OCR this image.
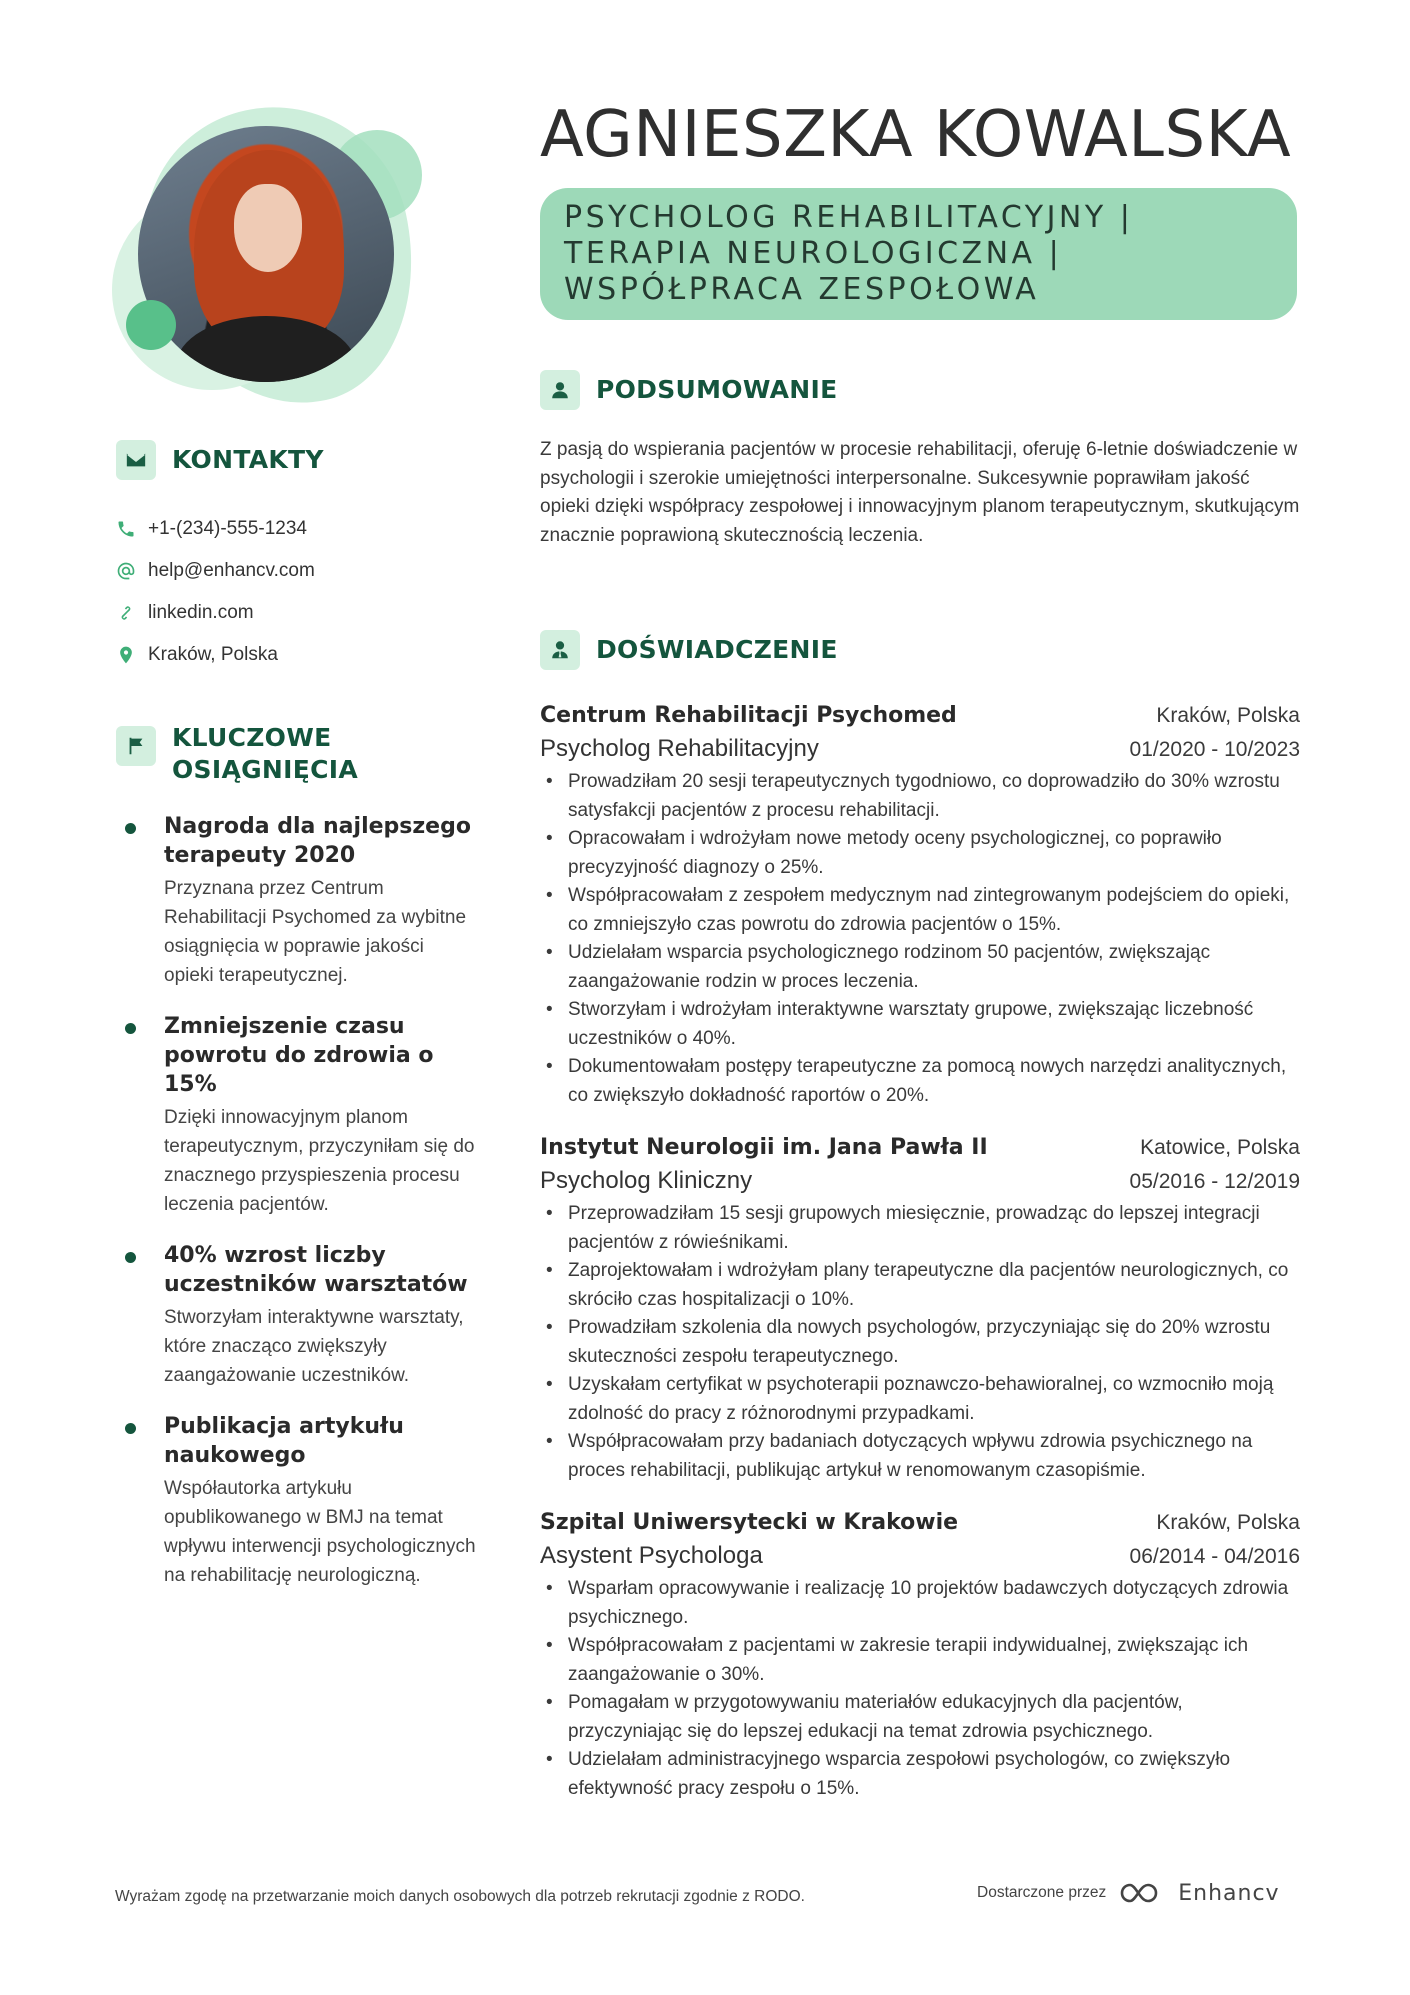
KONTAKTY
+1-(234)-555-1234
help@enhancv.com
linkedin.com
Kraków, Polska
KLUCZOWE
OSIĄGNIĘCIA
Nagroda dla najlepszego terapeuty 2020
Przyznana przez Centrum Rehabilitacji Psychomed za wybitne osiągnięcia w poprawie jakości opieki terapeutycznej.
Zmniejszenie czasu powrotu do zdrowia o 15%
Dzięki innowacyjnym planom terapeutycznym, przyczyniłam się do znacznego przyspieszenia procesu leczenia pacjentów.
40% wzrost liczby uczestników warsztatów
Stworzyłam interaktywne warsztaty, które znacząco zwiększyły zaangażowanie uczestników.
Publikacja artykułu naukowego
Współautorka artykułu opublikowanego w BMJ na temat wpływu interwencji psychologicznych na rehabilitację neurologiczną.
AGNIESZKA KOWALSKA
PSYCHOLOG REHABILITACYJNY |
TERAPIA NEUROLOGICZNA |
WSPÓŁPRACA ZESPOŁOWA
PODSUMOWANIE

Z pasją do wspierania pacjentów w procesie rehabilitacji, oferuję 6-letnie doświadczenie w psychologii i szerokie umiejętności interpersonalne. Sukcesywnie poprawiłam jakość opieki dzięki współpracy zespołowej i innowacyjnym planom terapeutycznym, skutkującym znacznie poprawioną skutecznością leczenia.

DOŚWIADCZENIE
Centrum Rehabilitacji Psychomed	Kraków, Polska
Psycholog Rehabilitacyjny	01/2020 - 10/2023
• Prowadziłam 20 sesji terapeutycznych tygodniowo, co doprowadziło do 30% wzrostu satysfakcji pacjentów z procesu rehabilitacji.
• Opracowałam i wdrożyłam nowe metody oceny psychologicznej, co poprawiło precyzyjność diagnozy o 25%.
• Współpracowałam z zespołem medycznym nad zintegrowanym podejściem do opieki, co zmniejszyło czas powrotu do zdrowia pacjentów o 15%.
• Udzielałam wsparcia psychologicznego rodzinom 50 pacjentów, zwiększając zaangażowanie rodzin w proces leczenia.
• Stworzyłam i wdrożyłam interaktywne warsztaty grupowe, zwiększając liczebność uczestników o 40%.
• Dokumentowałam postępy terapeutyczne za pomocą nowych narzędzi analitycznych, co zwiększyło dokładność raportów o 20%.
Instytut Neurologii im. Jana Pawła II	Katowice, Polska
Psycholog Kliniczny	05/2016 - 12/2019
• Przeprowadziłam 15 sesji grupowych miesięcznie, prowadząc do lepszej integracji pacjentów z rówieśnikami.
• Zaprojektowałam i wdrożyłam plany terapeutyczne dla pacjentów neurologicznych, co skróciło czas hospitalizacji o 10%.
• Prowadziłam szkolenia dla nowych psychologów, przyczyniając się do 20% wzrostu skuteczności zespołu terapeutycznego.
• Uzyskałam certyfikat w psychoterapii poznawczo-behawioralnej, co wzmocniło moją zdolność do pracy z różnorodnymi przypadkami.
• Współpracowałam przy badaniach dotyczących wpływu zdrowia psychicznego na proces rehabilitacji, publikując artykuł w renomowanym czasopiśmie.
Szpital Uniwersytecki w Krakowie	Kraków, Polska
Asystent Psychologa	06/2014 - 04/2016
• Wsparłam opracowywanie i realizację 10 projektów badawczych dotyczących zdrowia psychicznego.
• Współpracowałam z pacjentami w zakresie terapii indywidualnej, zwiększając ich zaangażowanie o 30%.
• Pomagałam w przygotowywaniu materiałów edukacyjnych dla pacjentów, przyczyniając się do lepszej edukacji na temat zdrowia psychicznego.
• Udzielałam administracyjnego wsparcia zespołowi psychologów, co zwiększyło efektywność pracy zespołu o 15%.
Wyrażam zgodę na przetwarzanie moich danych osobowych dla potrzeb rekrutacji zgodnie z RODO.	Dostarczone przez	Enhancv
